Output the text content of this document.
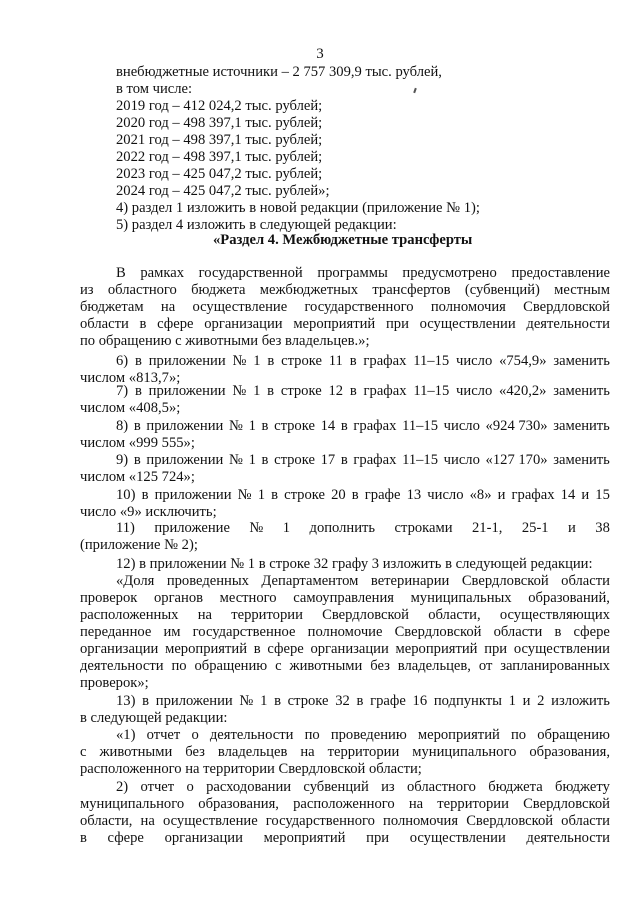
3
внебюджетные источники – 2 757 309,9 тыс. рублей,
в том числе:
2019 год – 412 024,2 тыс. рублей;
2020 год – 498 397,1 тыс. рублей;
2021 год – 498 397,1 тыс. рублей;
2022 год – 498 397,1 тыс. рублей;
2023 год – 425 047,2 тыс. рублей;
2024 год – 425 047,2 тыс. рублей»;
4) раздел 1 изложить в новой редакции (приложение № 1);
5) раздел 4 изложить в следующей редакции:
«Раздел 4. Межбюджетные трансферты
В рамках государственной программы предусмотрено предоставление
из областного бюджета межбюджетных трансфертов (субвенций) местным
бюджетам на осуществление государственного полномочия Свердловской
области в сфере организации мероприятий при осуществлении деятельности
по обращению с животными без владельцев.»;
6) в приложении № 1 в строке 11 в графах 11–15 число «754,9» заменить
числом «813,7»;
7) в приложении № 1 в строке 12 в графах 11–15 число «420,2» заменить
числом «408,5»;
8) в приложении № 1 в строке 14 в графах 11–15 число «924 730» заменить
числом «999 555»;
9) в приложении № 1 в строке 17 в графах 11–15 число «127 170» заменить
числом «125 724»;
10) в приложении № 1 в строке 20 в графе 13 число «8» и графах 14 и 15
число «9» исключить;
11) приложение № 1 дополнить строками 21-1, 25-1 и 38
(приложение № 2);
12) в приложении № 1 в строке 32 графу 3 изложить в следующей редакции:
«Доля проведенных Департаментом ветеринарии Свердловской области
проверок органов местного самоуправления муниципальных образований,
расположенных на территории Свердловской области, осуществляющих
переданное им государственное полномочие Свердловской области в сфере
организации мероприятий в сфере организации мероприятий при осуществлении
деятельности по обращению с животными без владельцев, от запланированных
проверок»;
13) в приложении № 1 в строке 32 в графе 16 подпункты 1 и 2 изложить
в следующей редакции:
«1) отчет о деятельности по проведению мероприятий по обращению
с животными без владельцев на территории муниципального образования,
расположенного на территории Свердловской области;
2) отчет о расходовании субвенций из областного бюджета бюджету
муниципального образования, расположенного на территории Свердловской
области, на осуществление государственного полномочия Свердловской области
в сфере организации мероприятий при осуществлении деятельности
